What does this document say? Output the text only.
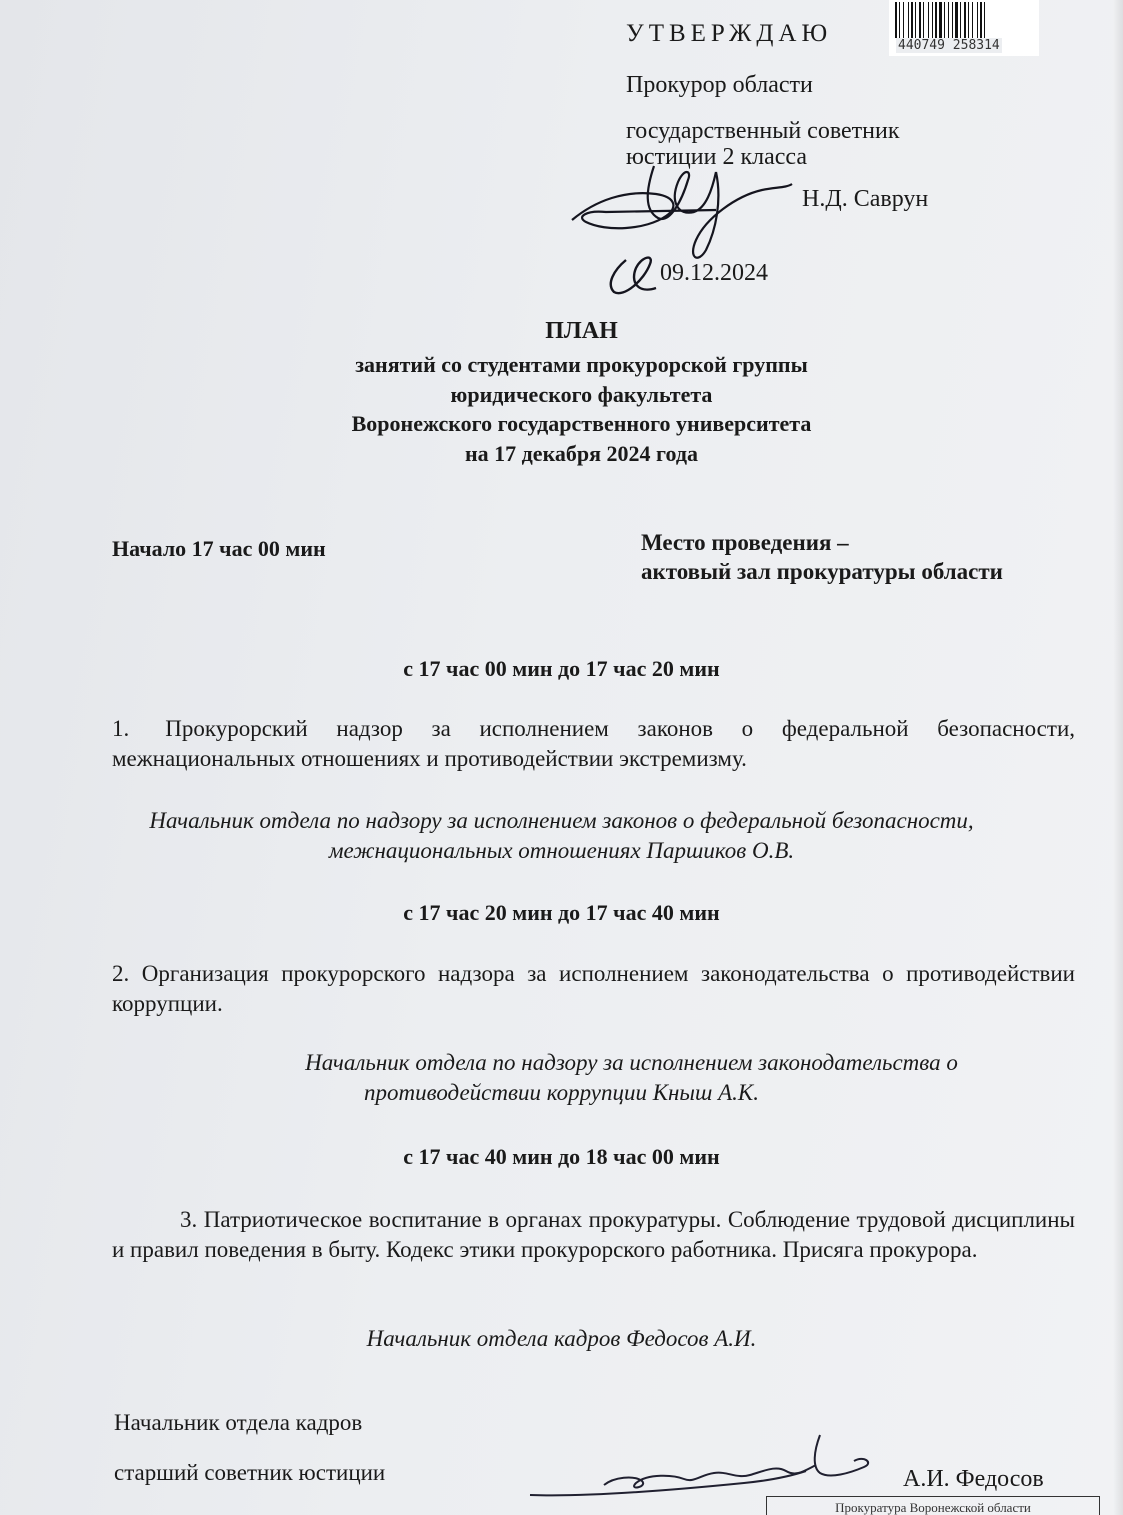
УТВЕРЖДАЮ	440749 258314
Прокурор области
государственный советник
юстиции 2 класса
Н.Д. Саврун
09.12.2024
ПЛАН
занятий со студентами прокурорской группы
юридического факультета
Воронежского государственного университета
на 17 декабря 2024 года
Начало 17 час 00 мин	Место проведения –
актовый зал прокуратуры области
с 17 час 00 мин до 17 час 20 мин
1. Прокурорский надзор за исполнением законов о федеральной безопасности, межнациональных отношениях и противодействии экстремизму.
Начальник отдела по надзору за исполнением законов о федеральной безопасности,
межнациональных отношениях Паршиков О.В.
с 17 час 20 мин до 17 час 40 мин
2. Организация прокурорского надзора за исполнением законодательства о противодействии коррупции.
Начальник отдела по надзору за исполнением законодательства о
противодействии коррупции Кныш А.К.
с 17 час 40 мин до 18 час 00 мин
3. Патриотическое воспитание в органах прокуратуры. Соблюдение трудовой дисциплины и правил поведения в быту. Кодекс этики прокурорского работника. Присяга прокурора.
Начальник отдела кадров Федосов А.И.
Начальник отдела кадров
старший советник юстиции	А.И. Федосов
Прокуратура Воронежской области
